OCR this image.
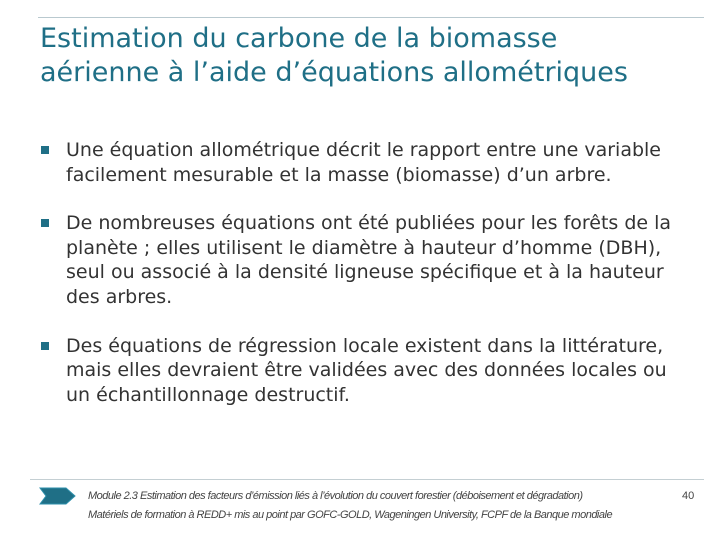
Estimation du carbone de la biomasse
aérienne à l’aide d’équations allométriques
Une équation allométrique décrit le rapport entre une variable facilement mesurable et la masse (biomasse) d’un arbre.
De nombreuses équations ont été publiées pour les forêts de la planète ; elles utilisent le diamètre à hauteur d’homme (DBH), seul ou associé à la densité ligneuse spécifique et à la hauteur des arbres.
Des équations de régression locale existent dans la littérature, mais elles devraient être validées avec des données locales ou un échantillonnage destructif.
Module 2.3 Estimation des facteurs d’émission liés à l’évolution du couvert forestier (déboisement et dégradation)
Matériels de formation à REDD+ mis au point par GOFC-GOLD, Wageningen University, FCPF de la Banque mondiale
40
